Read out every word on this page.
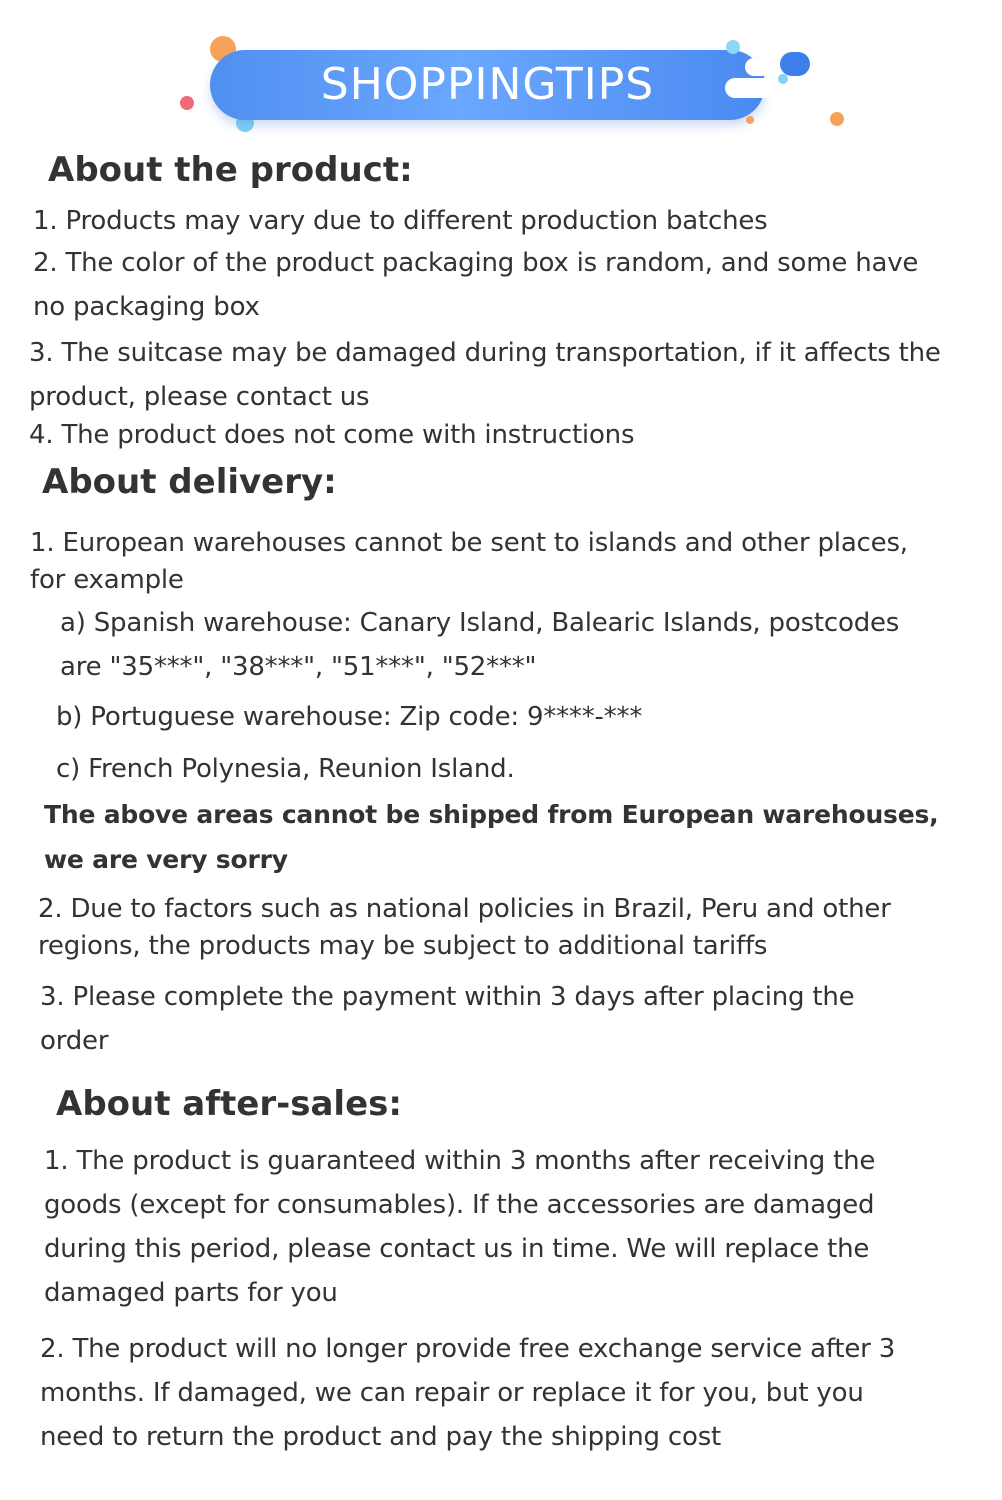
SHOPPINGTIPS
About the product:

1. Products may vary due to different production batches

2. The color of the product packaging box is random, and some have

no packaging box

3. The suitcase may be damaged during transportation, if it affects the

product, please contact us

4. The product does not come with instructions

About delivery:

1. European warehouses cannot be sent to islands and other places,

for example

a) Spanish warehouse: Canary Island, Balearic Islands, postcodes

are "35***", "38***", "51***", "52***"

b) Portuguese warehouse: Zip code: 9****-***

c) French Polynesia, Reunion Island.

The above areas cannot be shipped from European warehouses,

we are very sorry

2. Due to factors such as national policies in Brazil, Peru and other

regions, the products may be subject to additional tariffs

3. Please complete the payment within 3 days after placing the

order

About after-sales:

1. The product is guaranteed within 3 months after receiving the

goods (except for consumables). If the accessories are damaged

during this period, please contact us in time. We will replace the

damaged parts for you

2. The product will no longer provide free exchange service after 3

months. If damaged, we can repair or replace it for you, but you

need to return the product and pay the shipping cost
